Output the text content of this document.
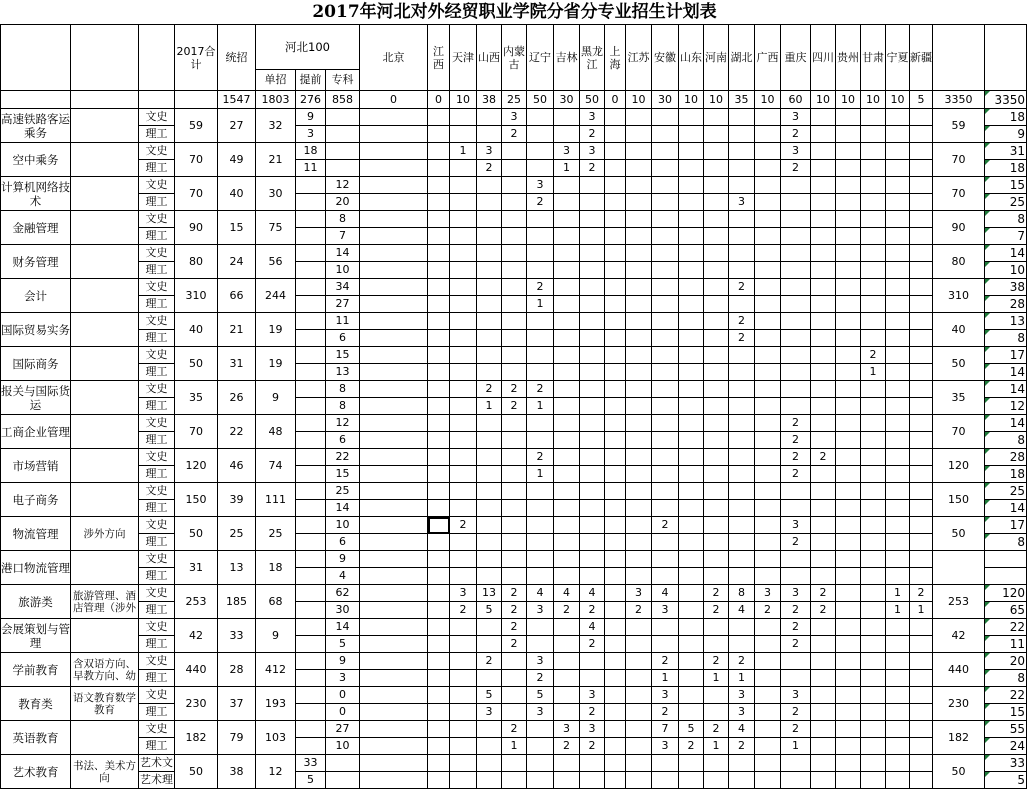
2017年河北对外经贸职业学院分省分专业招生计划表
			2017合计	统招	河北100			北京	江西	天津	山西	内蒙古	辽宁	吉林	黑龙江	上海	江苏	安徽	山东	河南	湖北	广西	重庆	四川	贵州	甘肃	宁夏	新疆		
					单招	提前	专科																							
				1547	1803	276	858	0	0	10	38	25	50	30	50	0	10	30	10	10	35	10	60	10	10	10	10	5	3350	3350
高速铁路客运乘务		文史	59	27	32	9						3			3								3						59	18
		理工				3						2			2								2							9
空中乘务		文史	70	49	21	18				1	3			3	3								3						70	31
		理工				11					2			1	2								2							18
计算机网络技术		文史	70	40	30		12						3																70	15
		理工					20						2								3									25
金融管理		文史	90	15	75		8																						90	8
		理工					7																							7
财务管理		文史	80	24	56		14																						80	14
		理工					10																							10
会计		文史	310	66	244		34						2								2								310	38
		理工					27						1																	28
国际贸易实务		文史	40	21	19		11														2								40	13
		理工					6														2									8
国际商务		文史	50	31	19		15																			2			50	17
		理工					13																			1				14
报关与国际货运		文史	35	26	9		8				2	2	2																35	14
		理工					8				1	2	1																	12
工商企业管理		文史	70	22	48		12																2						70	14
		理工					6																2							8
市场营销		文史	120	46	74		22						2										2	2					120	28
		理工					15						1										2							18
电子商务		文史	150	39	111		25																						150	25
		理工					14																							14
物流管理	涉外方向	文史	50	25	25		10			2								2					3						50	17
		理工					6																2							8
港口物流管理		文史	31	13	18		9																							
		理工					4																							
旅游类	旅游管理、酒店管理（涉外	文史	253	185	68		62			3	13	2	4	4	4		3	4		2	8	3	3	2			1	2	253	120
		理工					30			2	5	2	3	2	2		2	3		2	4	2	2	2			1	1		65
会展策划与管理		文史	42	33	9		14					2			4								2						42	22
		理工					5					2			2								2							11
学前教育	含双语方向、早教方向、幼	文史	440	28	412		9				2		3					2		2	2								440	20
		理工					3						2					1		1	1									8
教育类	语文教育数学教育	文史	230	37	193		0				5		5		3			3			3		3						230	22
		理工					0				3		3		2			2			3		2							15
英语教育		文史	182	79	103		27					2		3	3			7	5	2	4		2						182	55
		理工					10					1		2	2			3	2	1	2		1							24
艺术教育	书法、美术方向	艺术文	50	38	12	33																							50	33
		艺术理				5																								5
